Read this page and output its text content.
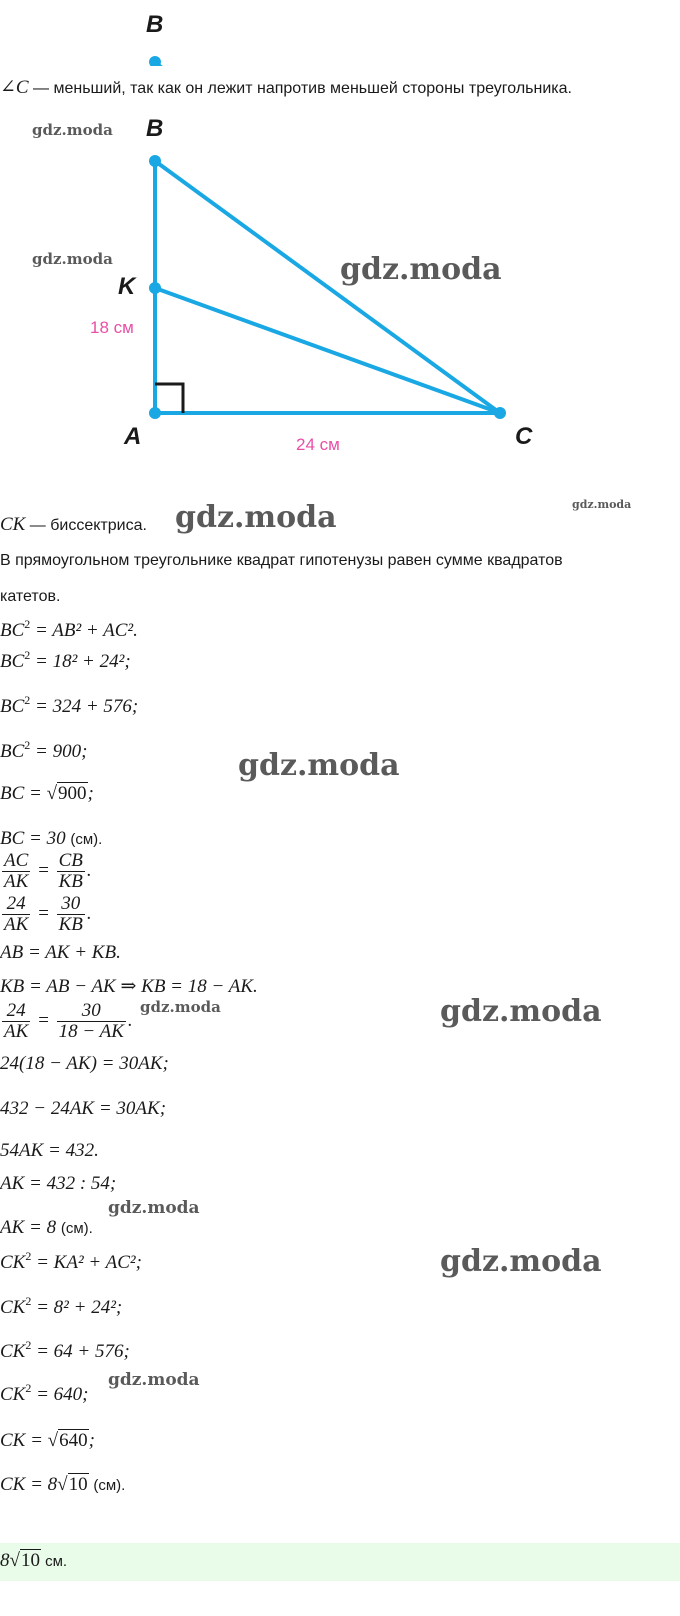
B
∠C — меньший, так как он лежит напротив меньшей стороны треугольника.
B
K
A	C
18 см
24 см
gdz.moda
gdz.moda	gdz.moda
CK — биссектриса. gdz.moda	gdz.moda
В прямоугольном треугольнике квадрат гипотенузы равен сумме квадратов
катетов.
$BC^2 = AB^2 + AC^2$.
$BC^2 = 18^2 + 24^2$;
$BC^2 = 324 + 576$;
$BC^2 = 900$;	gdz.moda
BC = √900;
BC = 30 (см).
$\frac{AC}{AK} = \frac{CB}{KB}$ .
$\frac{24}{AK} = \frac{30}{KB}$ .
AB = AK + KB.
KB = AB − AK ⇒ KB = 18 − AK.
$\frac{24}{AK} = \frac{30}{18 - AK}$ .
gdz.moda	gdz.moda
24(18 − AK) = 30AK;
432 − 24AK = 30AK;
54AK = 432.
AK = 432 : 54;
AK = 8 (см).
gdz.moda
$CK^2 = KA^2 + AC^2$;	gdz.moda
$CK^2 = 8^2 + 24^2$;
$CK^2 = 64 + 576$;
$CK^2 = 640$;
gdz.moda
CK = √640;
CK = 8√10 (см).
8√10 см.
